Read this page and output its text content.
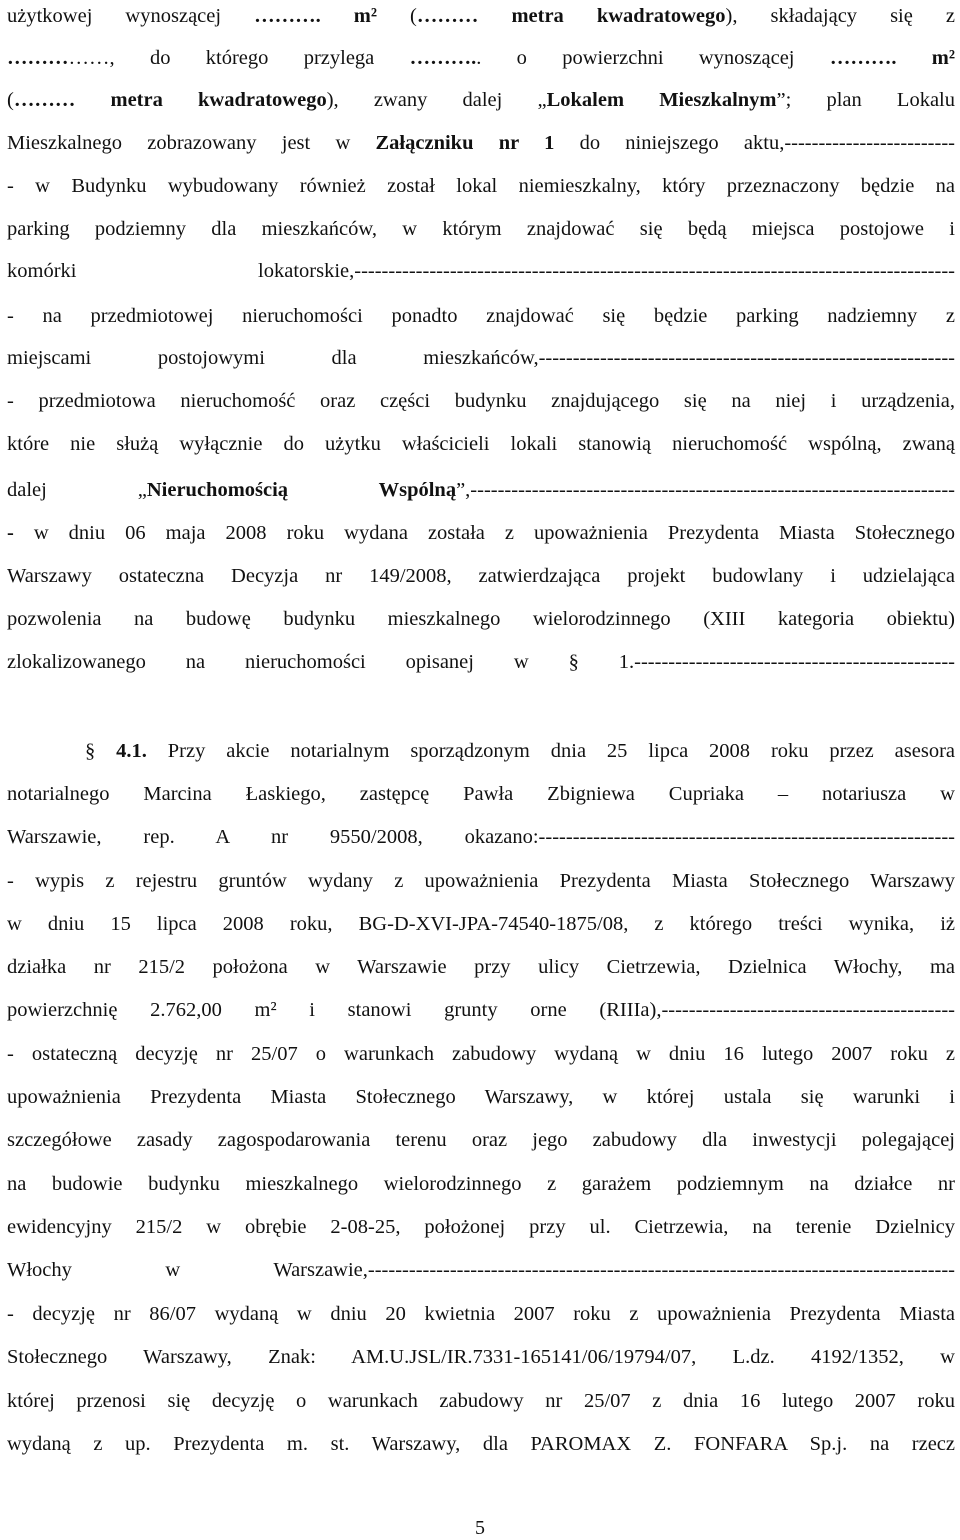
użytkowej wynoszącej ………. m² (……… metra kwadratowego), składający się z
……………, do którego przylega ……….. o powierzchni wynoszącej ………. m²
(……… metra kwadratowego), zwany dalej „Lokalem Mieszkalnym”; plan Lokalu
Mieszkalnego zobrazowany jest w Załączniku nr 1 do niniejszego aktu,-------------------------
- w Budynku wybudowany również został lokal niemieszkalny, który przeznaczony będzie na
parking podziemny dla mieszkańców, w którym znajdować się będą miejsca postojowe i
komórki lokatorskie,----------------------------------------------------------------------------------------
- na przedmiotowej nieruchomości ponadto znajdować się będzie parking nadziemny z
miejscami postojowymi dla mieszkańców,-------------------------------------------------------------
- przedmiotowa nieruchomość oraz części budynku znajdującego się na niej i urządzenia,
które nie służą wyłącznie do użytku właścicieli lokali stanowią nieruchomość wspólną, zwaną
dalej „Nieruchomością Wspólną”,-----------------------------------------------------------------------
- w dniu 06 maja 2008 roku wydana została z upoważnienia Prezydenta Miasta Stołecznego
Warszawy ostateczna Decyzja nr 149/2008, zatwierdzająca projekt budowlany i udzielająca
pozwolenia na budowę budynku mieszkalnego wielorodzinnego (XIII kategoria obiektu)
zlokalizowanego na nieruchomości opisanej w § 1.-----------------------------------------------
§ 4.1. Przy akcie notarialnym sporządzonym dnia 25 lipca 2008 roku przez asesora
notarialnego Marcina Łaskiego, zastępcę Pawła Zbigniewa Cupriaka – notariusza w
Warszawie, rep. A nr 9550/2008, okazano:-------------------------------------------------------------
- wypis z rejestru gruntów wydany z upoważnienia Prezydenta Miasta Stołecznego Warszawy
w dniu 15 lipca 2008 roku, BG-D-XVI-JPA-74540-1875/08, z którego treści wynika, iż
działka nr 215/2 położona w Warszawie przy ulicy Cietrzewia, Dzielnica Włochy, ma
powierzchnię 2.762,00 m² i stanowi grunty orne (RIIIa),-------------------------------------------
- ostateczną decyzję nr 25/07 o warunkach zabudowy wydaną w dniu 16 lutego 2007 roku z
upoważnienia Prezydenta Miasta Stołecznego Warszawy, w której ustala się warunki i
szczegółowe zasady zagospodarowania terenu oraz jego zabudowy dla inwestycji polegającej
na budowie budynku mieszkalnego wielorodzinnego z garażem podziemnym na działce nr
ewidencyjny 215/2 w obrębie 2-08-25, położonej przy ul. Cietrzewia, na terenie Dzielnicy
Włochy w Warszawie,--------------------------------------------------------------------------------------
- decyzję nr 86/07 wydaną w dniu 20 kwietnia 2007 roku z upoważnienia Prezydenta Miasta
Stołecznego Warszawy, Znak: AM.U.JSL/IR.7331-165141/06/19794/07, L.dz. 4192/1352, w
której przenosi się decyzję o warunkach zabudowy nr 25/07 z dnia 16 lutego 2007 roku
wydaną z up. Prezydenta m. st. Warszawy, dla PAROMAX Z. FONFARA Sp.j. na rzecz
5
